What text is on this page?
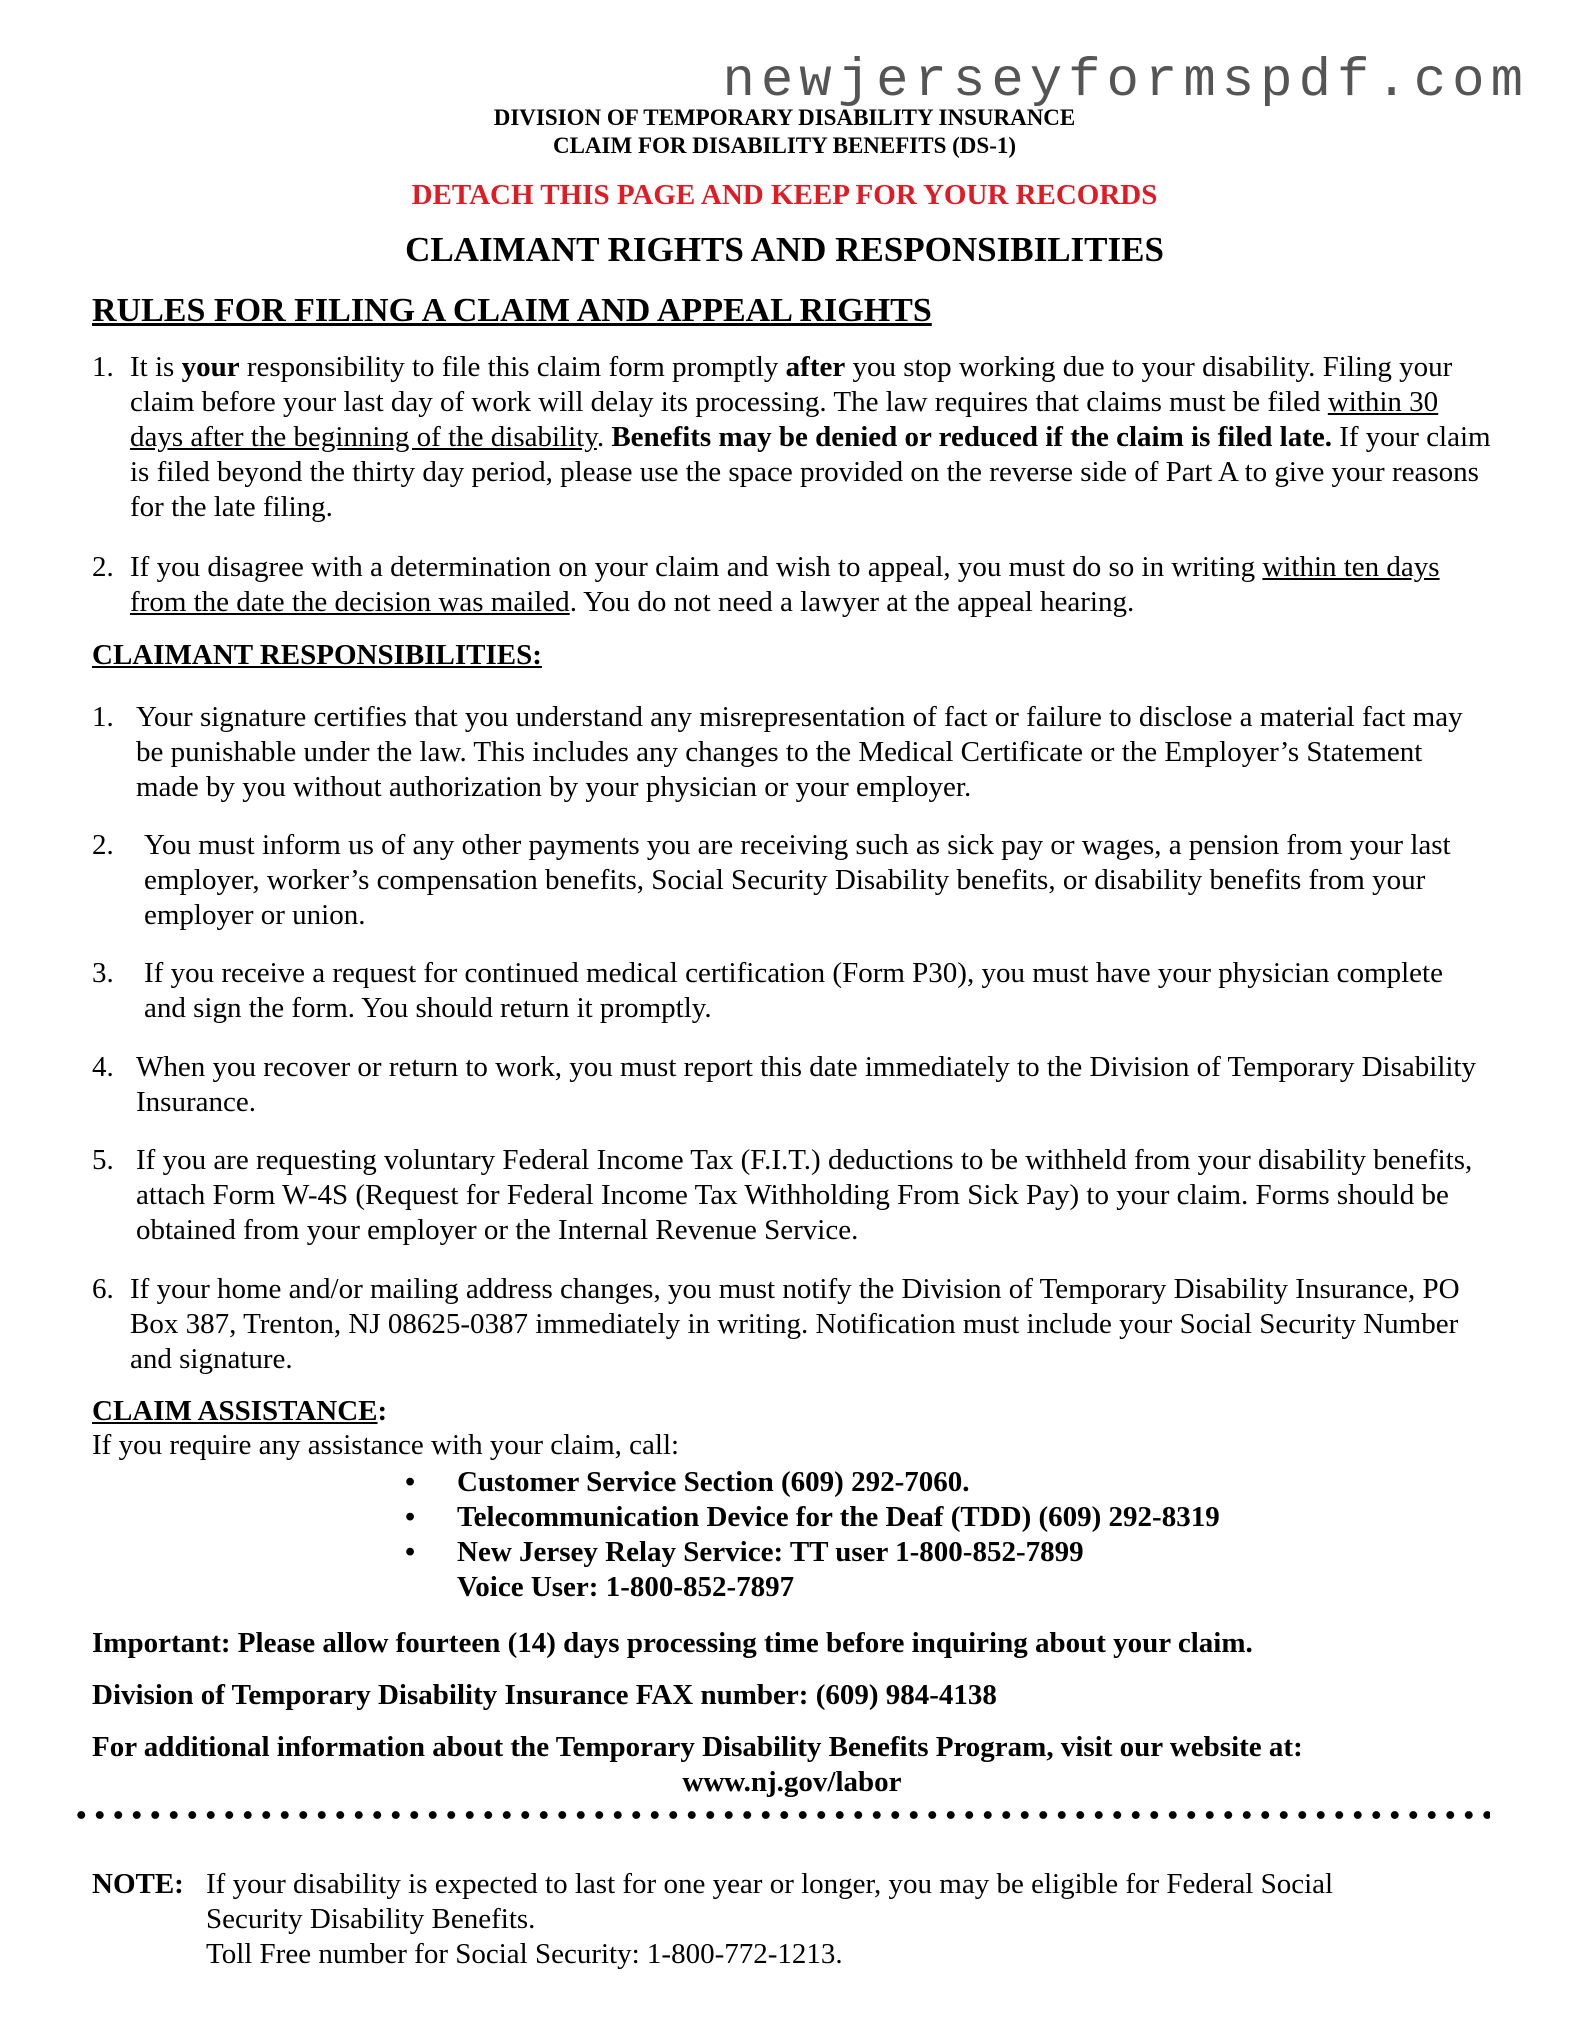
newjerseyformspdf.com
DIVISION OF TEMPORARY DISABILITY INSURANCE
CLAIM FOR DISABILITY BENEFITS (DS-1)
DETACH THIS PAGE AND KEEP FOR YOUR RECORDS
CLAIMANT RIGHTS AND RESPONSIBILITIES
RULES FOR FILING A CLAIM AND APPEAL RIGHTS
1. It is your responsibility to file this claim form promptly after you stop working due to your disability. Filing your claim before your last day of work will delay its processing. The law requires that claims must be filed within 30 days after the beginning of the disability. Benefits may be denied or reduced if the claim is filed late. If your claim is filed beyond the thirty day period, please use the space provided on the reverse side of Part A to give your reasons for the late filing.
2. If you disagree with a determination on your claim and wish to appeal, you must do so in writing within ten days from the date the decision was mailed. You do not need a lawyer at the appeal hearing.
CLAIMANT RESPONSIBILITIES:
1. Your signature certifies that you understand any misrepresentation of fact or failure to disclose a material fact may be punishable under the law. This includes any changes to the Medical Certificate or the Employer’s Statement made by you without authorization by your physician or your employer.
2.	You must inform us of any other payments you are receiving such as sick pay or wages, a pension from your last employer, worker’s compensation benefits, Social Security Disability benefits, or disability benefits from your employer or union.
3.	If you receive a request for continued medical certification (Form P30), you must have your physician complete and sign the form. You should return it promptly.
4. When you recover or return to work, you must report this date immediately to the Division of Temporary Disability Insurance.
5. If you are requesting voluntary Federal Income Tax (F.I.T.) deductions to be withheld from your disability benefits, attach Form W-4S (Request for Federal Income Tax Withholding From Sick Pay) to your claim. Forms should be obtained from your employer or the Internal Revenue Service.
6. If your home and/or mailing address changes, you must notify the Division of Temporary Disability Insurance, PO Box 387, Trenton, NJ 08625-0387 immediately in writing. Notification must include your Social Security Number and signature.
CLAIM ASSISTANCE:
If you require any assistance with your claim, call:
•	Customer Service Section (609) 292-7060.
•	Telecommunication Device for the Deaf (TDD) (609) 292-8319
•	New Jersey Relay Service: TT user 1-800-852-7899
Voice User: 1-800-852-7897
Important: Please allow fourteen (14) days processing time before inquiring about your claim.
Division of Temporary Disability Insurance FAX number: (609) 984-4138
For additional information about the Temporary Disability Benefits Program, visit our website at:
www.nj.gov/labor
NOTE: If your disability is expected to last for one year or longer, you may be eligible for Federal Social
Security Disability Benefits.
Toll Free number for Social Security: 1-800-772-1213.
